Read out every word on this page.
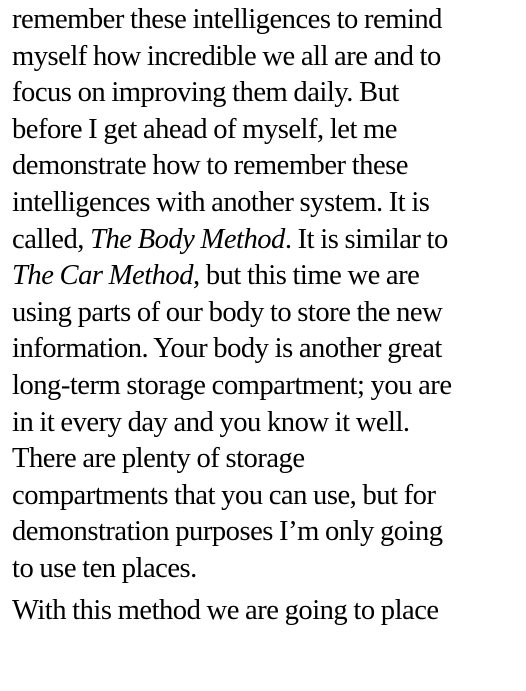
remember these intelligences to remind
myself how incredible we all are and to
focus on improving them daily. But
before I get ahead of myself, let me
demonstrate how to remember these
intelligences with another system. It is
called, The Body Method. It is similar to
The Car Method, but this time we are
using parts of our body to store the new
information. Your body is another great
long-term storage compartment; you are
in it every day and you know it well.
There are plenty of storage
compartments that you can use, but for
demonstration purposes I’m only going
to use ten places.
With this method we are going to place
